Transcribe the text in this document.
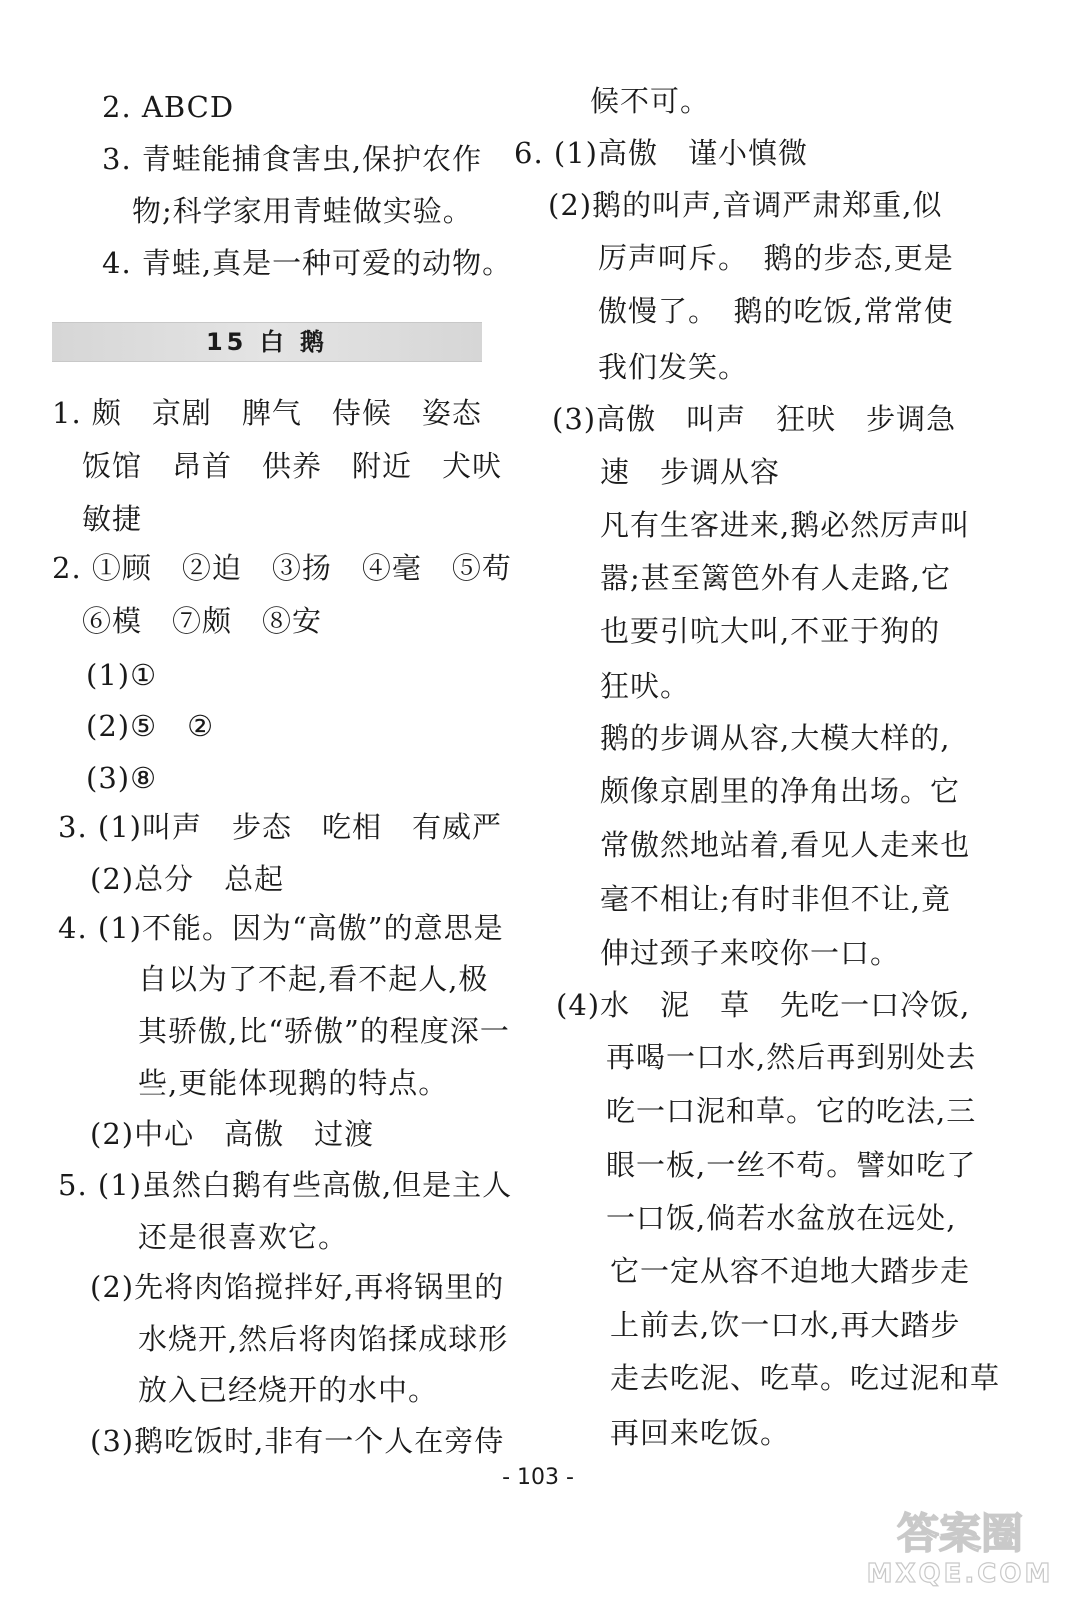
2. ABCD
3. 青蛙能捕食害虫,保护农作
物;科学家用青蛙做实验。
4. 青蛙,真是一种可爱的动物。
15 白 鹅
1. 颇　京剧　脾气　侍候　姿态
饭馆　昂首　供养　附近　犬吠
敏捷
2. ①顾　②迫　③扬　④毫　⑤苟
⑥模　⑦颇　⑧安
(1)①
(2)⑤　②
(3)⑧
3. (1)叫声　步态　吃相　有威严
(2)总分　总起
4. (1)不能。因为“高傲”的意思是
自以为了不起,看不起人,极
其骄傲,比“骄傲”的程度深一
些,更能体现鹅的特点。
(2)中心　高傲　过渡
5. (1)虽然白鹅有些高傲,但是主人
还是很喜欢它。
(2)先将肉馅搅拌好,再将锅里的
水烧开,然后将肉馅揉成球形
放入已经烧开的水中。
(3)鹅吃饭时,非有一个人在旁侍
候不可。
6. (1)高傲　谨小慎微
(2)鹅的叫声,音调严肃郑重,似
厉声呵斥。　鹅的步态,更是
傲慢了。　鹅的吃饭,常常使
我们发笑。
(3)高傲　叫声　狂吠　步调急
速　步调从容
凡有生客进来,鹅必然厉声叫
嚣;甚至篱笆外有人走路,它
也要引吭大叫,不亚于狗的
狂吠。
鹅的步调从容,大模大样的,
颇像京剧里的净角出场。它
常傲然地站着,看见人走来也
毫不相让;有时非但不让,竟
伸过颈子来咬你一口。
(4)水　泥　草　先吃一口冷饭,
再喝一口水,然后再到别处去
吃一口泥和草。它的吃法,三
眼一板,一丝不苟。譬如吃了
一口饭,倘若水盆放在远处,
它一定从容不迫地大踏步走
上前去,饮一口水,再大踏步
走去吃泥、吃草。吃过泥和草
再回来吃饭。
- 103 -
答案圈
MXQE.COM
